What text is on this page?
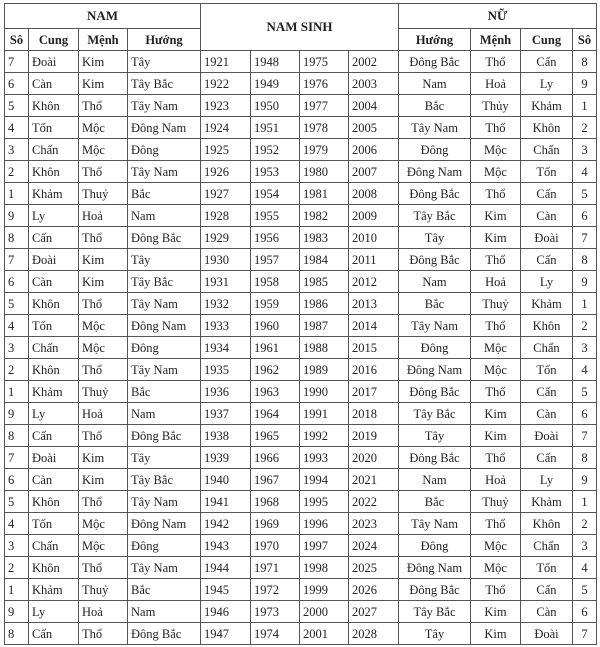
NAM				NAM SINH				NỮ			
Sô	Cung	Mệnh	Hướng					Hướng	Mệnh	Cung	Sô
7	Đoài	Kim	Tây	1921	1948	1975	2002	Đông Bắc	Thổ	Cấn	8
6	Càn	Kim	Tây Bắc	1922	1949	1976	2003	Nam	Hoả	Ly	9
5	Khôn	Thổ	Tây Nam	1923	1950	1977	2004	Bắc	Thủy	Khảm	1
4	Tốn	Mộc	Đông Nam	1924	1951	1978	2005	Tây Nam	Thổ	Khôn	2
3	Chấn	Mộc	Đông	1925	1952	1979	2006	Đông	Mộc	Chấn	3
2	Khôn	Thổ	Tây Nam	1926	1953	1980	2007	Đông Nam	Mộc	Tốn	4
1	Khảm	Thuỷ	Bắc	1927	1954	1981	2008	Đông Bắc	Thổ	Cấn	5
9	Ly	Hoả	Nam	1928	1955	1982	2009	Tây Bắc	Kim	Càn	6
8	Cấn	Thổ	Đông Bắc	1929	1956	1983	2010	Tây	Kim	Đoài	7
7	Đoài	Kim	Tây	1930	1957	1984	2011	Đông Bắc	Thổ	Cấn	8
6	Càn	Kim	Tây Bắc	1931	1958	1985	2012	Nam	Hoả	Ly	9
5	Khôn	Thổ	Tây Nam	1932	1959	1986	2013	Bắc	Thuỷ	Khảm	1
4	Tốn	Mộc	Đông Nam	1933	1960	1987	2014	Tây Nam	Thổ	Khôn	2
3	Chấn	Mộc	Đông	1934	1961	1988	2015	Đông	Mộc	Chấn	3
2	Khôn	Thổ	Tây Nam	1935	1962	1989	2016	Đông Nam	Mộc	Tốn	4
1	Khảm	Thuỷ	Bắc	1936	1963	1990	2017	Đông Bắc	Thổ	Cấn	5
9	Ly	Hoả	Nam	1937	1964	1991	2018	Tây Bắc	Kim	Càn	6
8	Cấn	Thổ	Đông Bắc	1938	1965	1992	2019	Tây	Kim	Đoài	7
7	Đoài	Kim	Tây	1939	1966	1993	2020	Đông Bắc	Thổ	Cấn	8
6	Càn	Kim	Tây Bắc	1940	1967	1994	2021	Nam	Hoả	Ly	9
5	Khôn	Thổ	Tây Nam	1941	1968	1995	2022	Bắc	Thuỷ	Khảm	1
4	Tốn	Mộc	Đông Nam	1942	1969	1996	2023	Tây Nam	Thổ	Khôn	2
3	Chấn	Mộc	Đông	1943	1970	1997	2024	Đông	Mộc	Chấn	3
2	Khôn	Thổ	Tây Nam	1944	1971	1998	2025	Đông Nam	Mộc	Tốn	4
1	Khảm	Thuỷ	Bắc	1945	1972	1999	2026	Đông Bắc	Thổ	Cấn	5
9	Ly	Hoả	Nam	1946	1973	2000	2027	Tây Bắc	Kim	Càn	6
8	Cấn	Thổ	Đông Bắc	1947	1974	2001	2028	Tây	Kim	Đoài	7
